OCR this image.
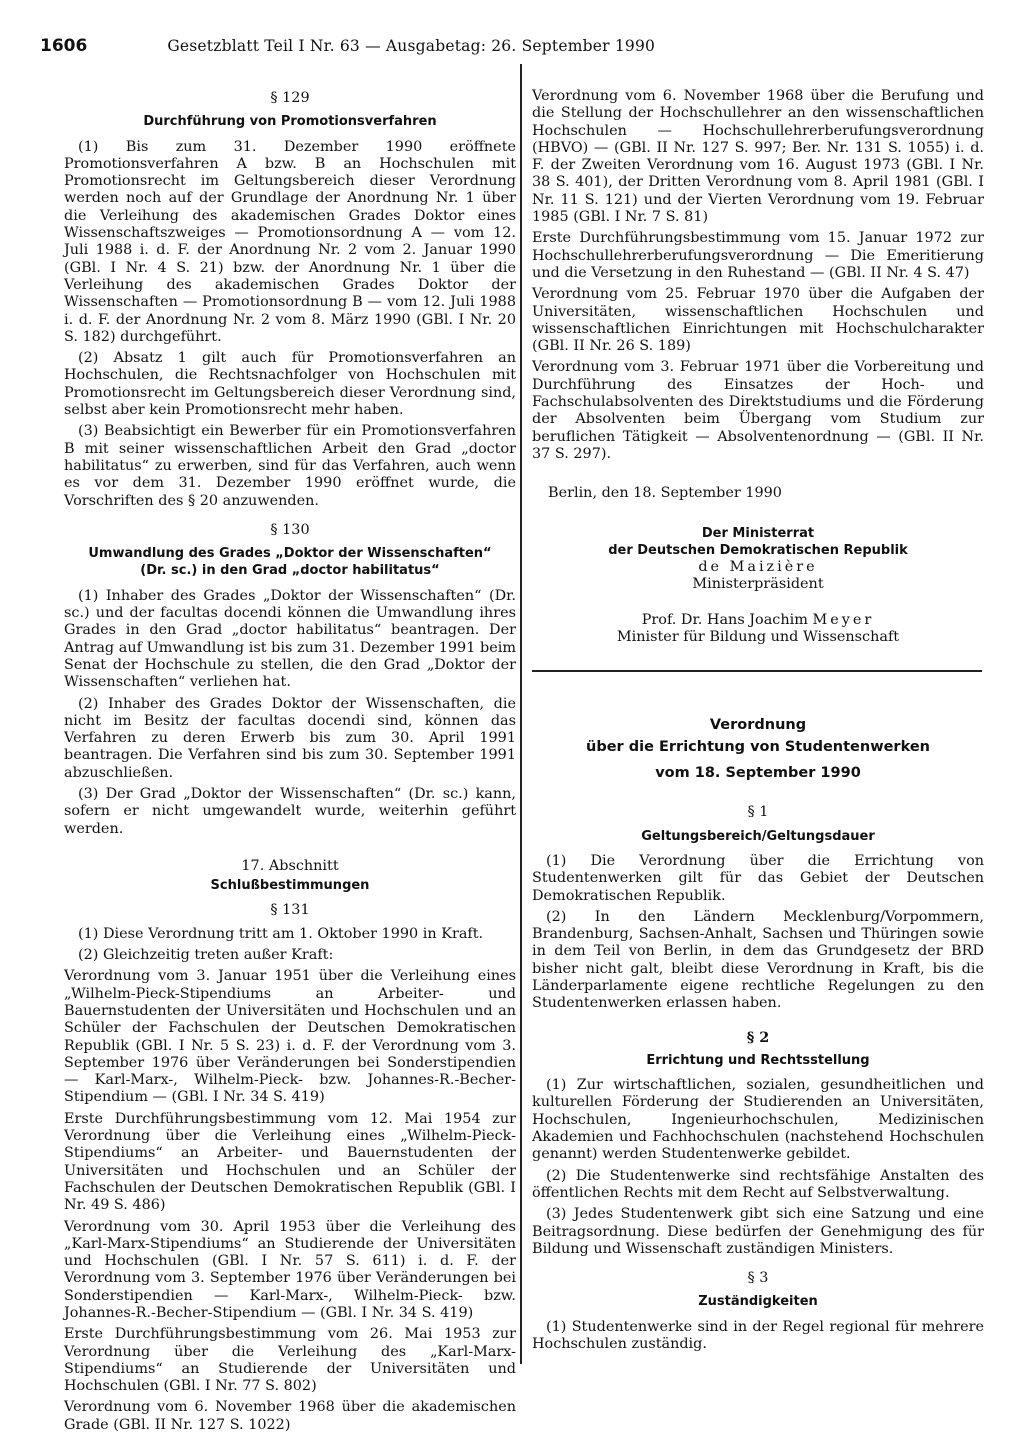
1606	Gesetzblatt Teil I Nr. 63 — Ausgabetag: 26. September 1990
§ 129
Durchführung von Promotionsverfahren

(1) Bis zum 31. Dezember 1990 eröffnete Promotionsverfahren A bzw. B an Hochschulen mit Promotionsrecht im Geltungsbereich dieser Verordnung werden noch auf der Grundlage der Anordnung Nr. 1 über die Verleihung des akademischen Grades Doktor eines Wissenschaftszweiges — Promotionsordnung A — vom 12. Juli 1988 i. d. F. der Anordnung Nr. 2 vom 2. Januar 1990 (GBl. I Nr. 4 S. 21) bzw. der Anordnung Nr. 1 über die Verleihung des akademischen Grades Doktor der Wissenschaften — Promotionsordnung B — vom 12. Juli 1988 i. d. F. der Anordnung Nr. 2 vom 8. März 1990 (GBl. I Nr. 20 S. 182) durchgeführt.

(2) Absatz 1 gilt auch für Promotionsverfahren an Hochschulen, die Rechtsnachfolger von Hochschulen mit Promotionsrecht im Geltungsbereich dieser Verordnung sind, selbst aber kein Promotionsrecht mehr haben.

(3) Beabsichtigt ein Bewerber für ein Promotionsverfahren B mit seiner wissenschaftlichen Arbeit den Grad „doctor habilitatus“ zu erwerben, sind für das Verfahren, auch wenn es vor dem 31. Dezember 1990 eröffnet wurde, die Vorschriften des § 20 anzuwenden.

§ 130
Umwandlung des Grades „Doktor der Wissenschaften“
(Dr. sc.) in den Grad „doctor habilitatus“

(1) Inhaber des Grades „Doktor der Wissenschaften“ (Dr. sc.) und der facultas docendi können die Umwandlung ihres Grades in den Grad „doctor habilitatus“ beantragen. Der Antrag auf Umwandlung ist bis zum 31. Dezember 1991 beim Senat der Hochschule zu stellen, die den Grad „Doktor der Wissenschaften“ verliehen hat.

(2) Inhaber des Grades Doktor der Wissenschaften, die nicht im Besitz der facultas docendi sind, können das Verfahren zu deren Erwerb bis zum 30. April 1991 beantragen. Die Verfahren sind bis zum 30. September 1991 abzuschließen.

(3) Der Grad „Doktor der Wissenschaften“ (Dr. sc.) kann, sofern er nicht umgewandelt wurde, weiterhin geführt werden.

17. Abschnitt
Schlußbestimmungen
§ 131

(1) Diese Verordnung tritt am 1. Oktober 1990 in Kraft.

(2) Gleichzeitig treten außer Kraft:

Verordnung vom 3. Januar 1951 über die Verleihung eines „Wilhelm-Pieck-Stipendiums an Arbeiter- und Bauernstudenten der Universitäten und Hochschulen und an Schüler der Fachschulen der Deutschen Demokratischen Republik (GBl. I Nr. 5 S. 23) i. d. F. der Verordnung vom 3. September 1976 über Veränderungen bei Sonderstipendien — Karl-Marx-, Wilhelm-Pieck- bzw. Johannes-R.-Becher-Stipendium — (GBl. I Nr. 34 S. 419)

Erste Durchführungsbestimmung vom 12. Mai 1954 zur Verordnung über die Verleihung eines „Wilhelm-Pieck-Stipendiums“ an Arbeiter- und Bauernstudenten der Universitäten und Hochschulen und an Schüler der Fachschulen der Deutschen Demokratischen Republik (GBl. I Nr. 49 S. 486)

Verordnung vom 30. April 1953 über die Verleihung des „Karl-Marx-Stipendiums“ an Studierende der Universitäten und Hochschulen (GBl. I Nr. 57 S. 611) i. d. F. der Verordnung vom 3. September 1976 über Veränderungen bei Sonderstipendien — Karl-Marx-, Wilhelm-Pieck- bzw. Johannes-R.-Becher-Stipendium — (GBl. I Nr. 34 S. 419)

Erste Durchführungsbestimmung vom 26. Mai 1953 zur Verordnung über die Verleihung des „Karl-Marx-Stipendiums“ an Studierende der Universitäten und Hochschulen (GBl. I Nr. 77 S. 802)

Verordnung vom 6. November 1968 über die akademischen Grade (GBl. II Nr. 127 S. 1022)

Verordnung vom 6. November 1968 über die Berufung und die Stellung der Hochschullehrer an den wissenschaftlichen Hochschulen — Hochschullehrerberufungsverordnung (HBVO) — (GBl. II Nr. 127 S. 997; Ber. Nr. 131 S. 1055) i. d. F. der Zweiten Verordnung vom 16. August 1973 (GBl. I Nr. 38 S. 401), der Dritten Verordnung vom 8. April 1981 (GBl. I Nr. 11 S. 121) und der Vierten Verordnung vom 19. Februar 1985 (GBl. I Nr. 7 S. 81)

Erste Durchführungsbestimmung vom 15. Januar 1972 zur Hochschullehrerberufungsverordnung — Die Emeritierung und die Versetzung in den Ruhestand — (GBl. II Nr. 4 S. 47)

Verordnung vom 25. Februar 1970 über die Aufgaben der Universitäten, wissenschaftlichen Hochschulen und wissenschaftlichen Einrichtungen mit Hochschulcharakter (GBl. II Nr. 26 S. 189)

Verordnung vom 3. Februar 1971 über die Vorbereitung und Durchführung des Einsatzes der Hoch- und Fachschulabsolventen des Direktstudiums und die Förderung der Absolventen beim Übergang vom Studium zur beruflichen Tätigkeit — Absolventenordnung — (GBl. II Nr. 37 S. 297).

Berlin, den 18. September 1990

Der Ministerrat
der Deutschen Demokratischen Republik
de Maizière
Ministerpräsident
Prof. Dr. Hans Joachim Meyer
Minister für Bildung und Wissenschaft
Verordnung
über die Errichtung von Studentenwerken
vom 18. September 1990
§ 1
Geltungsbereich/Geltungsdauer

(1) Die Verordnung über die Errichtung von Studentenwerken gilt für das Gebiet der Deutschen Demokratischen Republik.

(2) In den Ländern Mecklenburg/Vorpommern, Brandenburg, Sachsen-Anhalt, Sachsen und Thüringen sowie in dem Teil von Berlin, in dem das Grundgesetz der BRD bisher nicht galt, bleibt diese Verordnung in Kraft, bis die Länderparlamente eigene rechtliche Regelungen zu den Studentenwerken erlassen haben.

§ 2
Errichtung und Rechtsstellung

(1) Zur wirtschaftlichen, sozialen, gesundheitlichen und kulturellen Förderung der Studierenden an Universitäten, Hochschulen, Ingenieurhochschulen, Medizinischen Akademien und Fachhochschulen (nachstehend Hochschulen genannt) werden Studentenwerke gebildet.

(2) Die Studentenwerke sind rechtsfähige Anstalten des öffentlichen Rechts mit dem Recht auf Selbstverwaltung.

(3) Jedes Studentenwerk gibt sich eine Satzung und eine Beitragsordnung. Diese bedürfen der Genehmigung des für Bildung und Wissenschaft zuständigen Ministers.

§ 3
Zuständigkeiten

(1) Studentenwerke sind in der Regel regional für mehrere Hochschulen zuständig.
